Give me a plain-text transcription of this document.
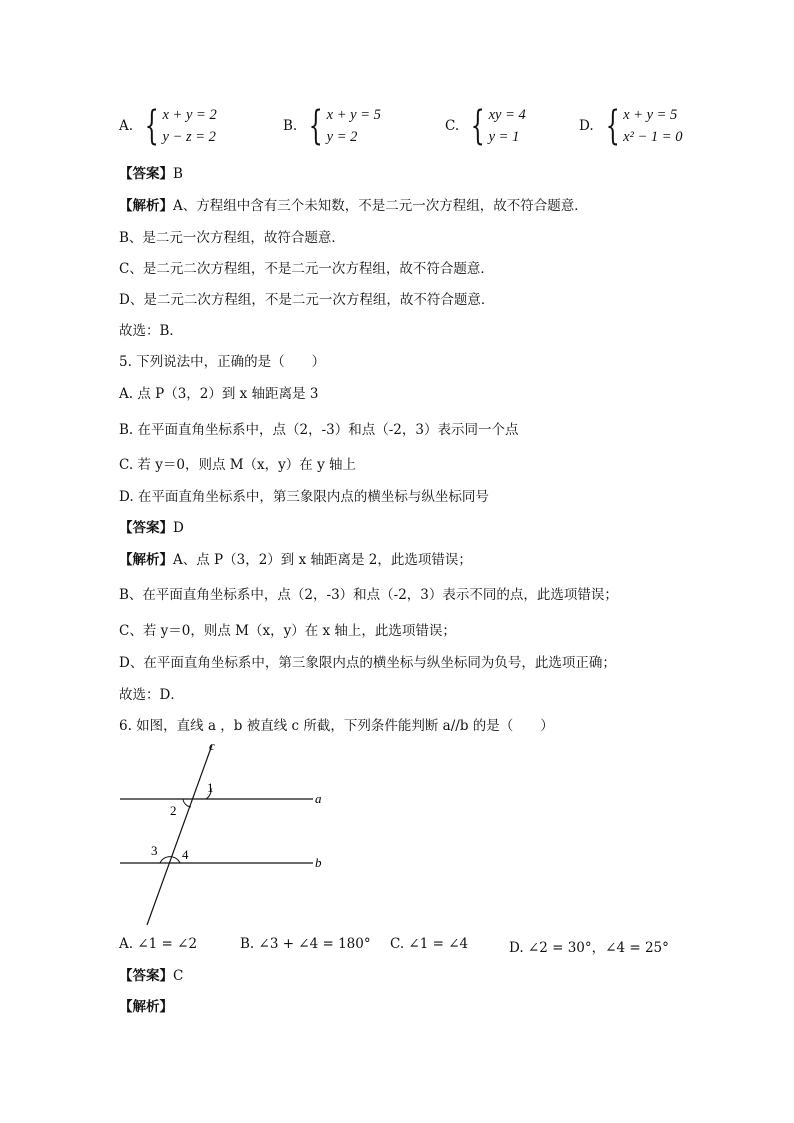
A. { x + y = 2
y − z = 2
B. { x + y = 5
y = 2
C. { xy = 4
y = 1
D. { x + y = 5
x² − 1 = 0
【答案】B
【解析】A、方程组中含有三个未知数，不是二元一次方程组，故不符合题意．
B、是二元一次方程组，故符合题意．
C、是二元二次方程组，不是二元一次方程组，故不符合题意．
D、是二元二次方程组，不是二元一次方程组，故不符合题意．
故选：B．
5. 下列说法中，正确的是（　　）
A. 点 P（3，2）到 x 轴距离是 3
B. 在平面直角坐标系中，点（2，-3）和点（-2，3）表示同一个点
C. 若 y＝0，则点 M（x，y）在 y 轴上
D. 在平面直角坐标系中，第三象限内点的横坐标与纵坐标同号
【答案】D
【解析】A、点 P（3，2）到 x 轴距离是 2，此选项错误；
B、在平面直角坐标系中，点（2，-3）和点（-2，3）表示不同的点，此选项错误；
C、若 y＝0，则点 M（x，y）在 x 轴上，此选项错误；
D、在平面直角坐标系中，第三象限内点的横坐标与纵坐标同为负号，此选项正确；
故选：D．
6. 如图，直线 a ，b 被直线 c 所截，下列条件能判断 a//b 的是（　　）
c
a
b
1
2
3 4
A. ∠1 = ∠2	B. ∠3 + ∠4 = 180° C. ∠1 = ∠4	D. ∠2 = 30°，∠4 = 25°
【答案】C
【解析】
